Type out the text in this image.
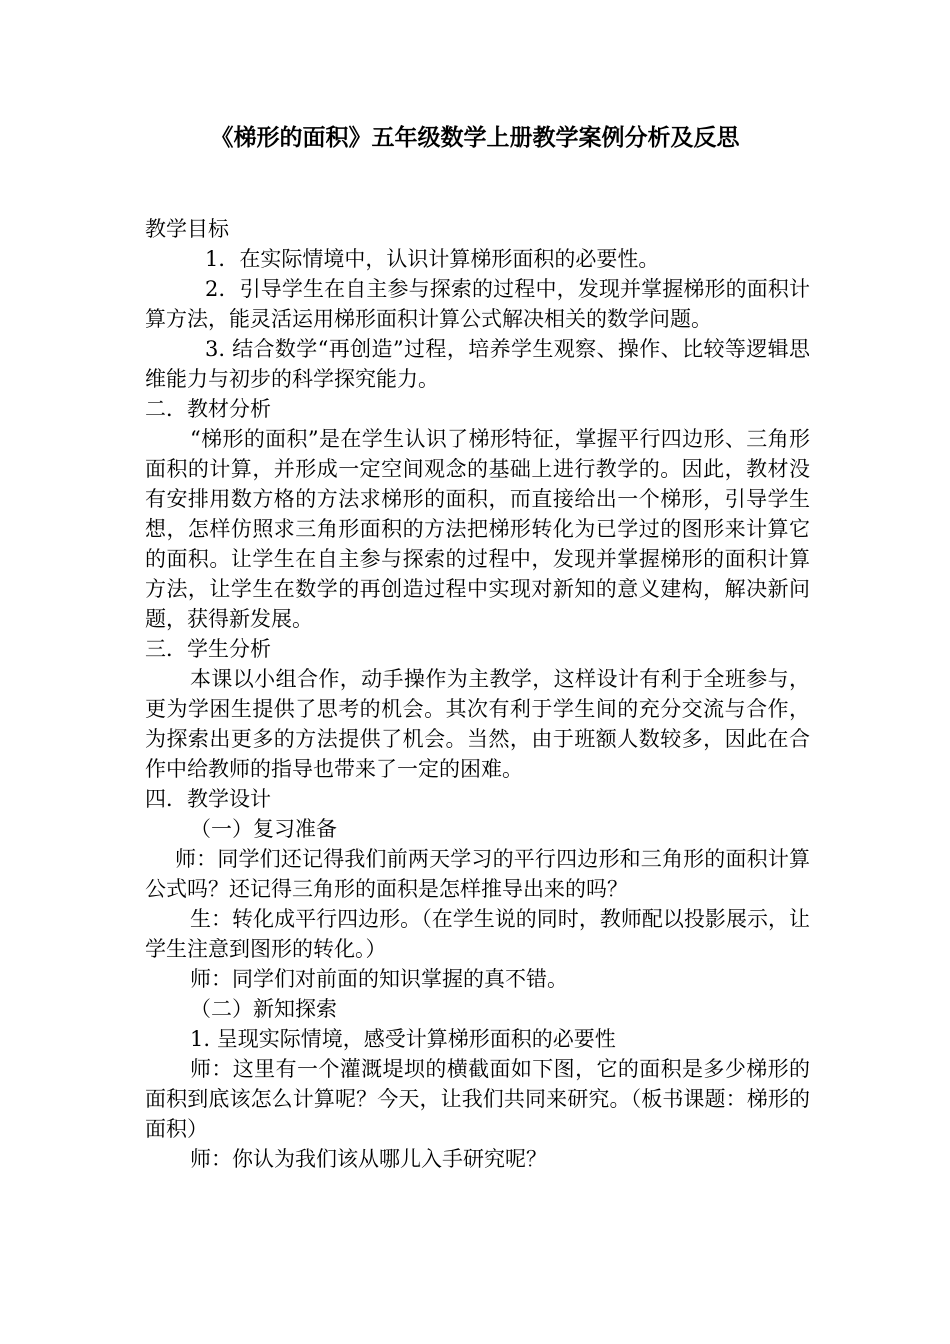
《梯形的面积》五年级数学上册教学案例分析及反思

教学目标

1．在实际情境中，认识计算梯形面积的必要性。

2．引导学生在自主参与探索的过程中，发现并掌握梯形的面积计算方法，能灵活运用梯形面积计算公式解决相关的数学问题。

3. 结合数学“再创造”过程，培养学生观察、操作、比较等逻辑思维能力与初步的科学探究能力。

二．教材分析

“梯形的面积”是在学生认识了梯形特征，掌握平行四边形、三角形面积的计算，并形成一定空间观念的基础上进行教学的。因此，教材没有安排用数方格的方法求梯形的面积，而直接给出一个梯形，引导学生想，怎样仿照求三角形面积的方法把梯形转化为已学过的图形来计算它的面积。让学生在自主参与探索的过程中，发现并掌握梯形的面积计算方法，让学生在数学的再创造过程中实现对新知的意义建构，解决新问题，获得新发展。

三．学生分析

本课以小组合作，动手操作为主教学，这样设计有利于全班参与，更为学困生提供了思考的机会。其次有利于学生间的充分交流与合作，为探索出更多的方法提供了机会。当然，由于班额人数较多，因此在合作中给教师的指导也带来了一定的困难。

四．教学设计

（一）复习准备

师：同学们还记得我们前两天学习的平行四边形和三角形的面积计算公式吗？还记得三角形的面积是怎样推导出来的吗？

生：转化成平行四边形。（在学生说的同时，教师配以投影展示，让学生注意到图形的转化。）

师：同学们对前面的知识掌握的真不错。

（二）新知探索

1. 呈现实际情境，感受计算梯形面积的必要性

师：这里有一个灌溉堤坝的横截面如下图，它的面积是多少梯形的面积到底该怎么计算呢？今天，让我们共同来研究。（板书课题：梯形的面积）

师：你认为我们该从哪儿入手研究呢？
